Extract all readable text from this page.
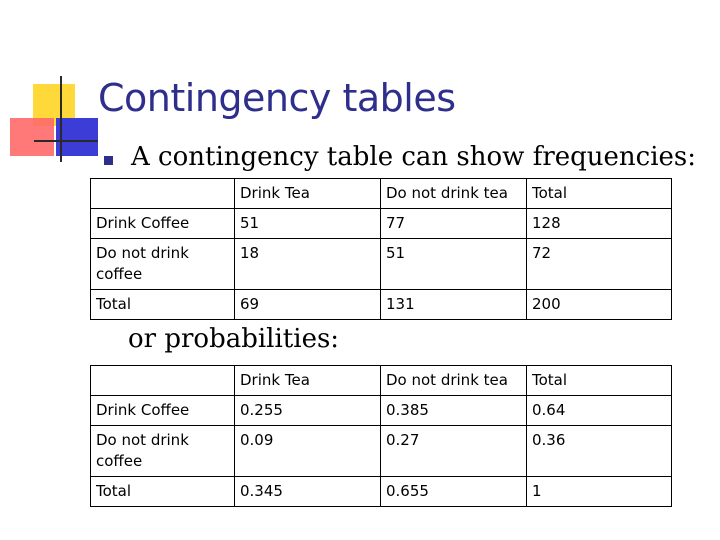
Contingency tables
A contingency table can show frequencies:
	Drink Tea	Do not drink tea	Total
Drink Coffee	51	77	128
Do not drink coffee	18	51	72
Total	69	131	200
or probabilities:
	Drink Tea	Do not drink tea	Total
Drink Coffee	0.255	0.385	0.64
Do not drink coffee	0.09	0.27	0.36
Total	0.345	0.655	1
